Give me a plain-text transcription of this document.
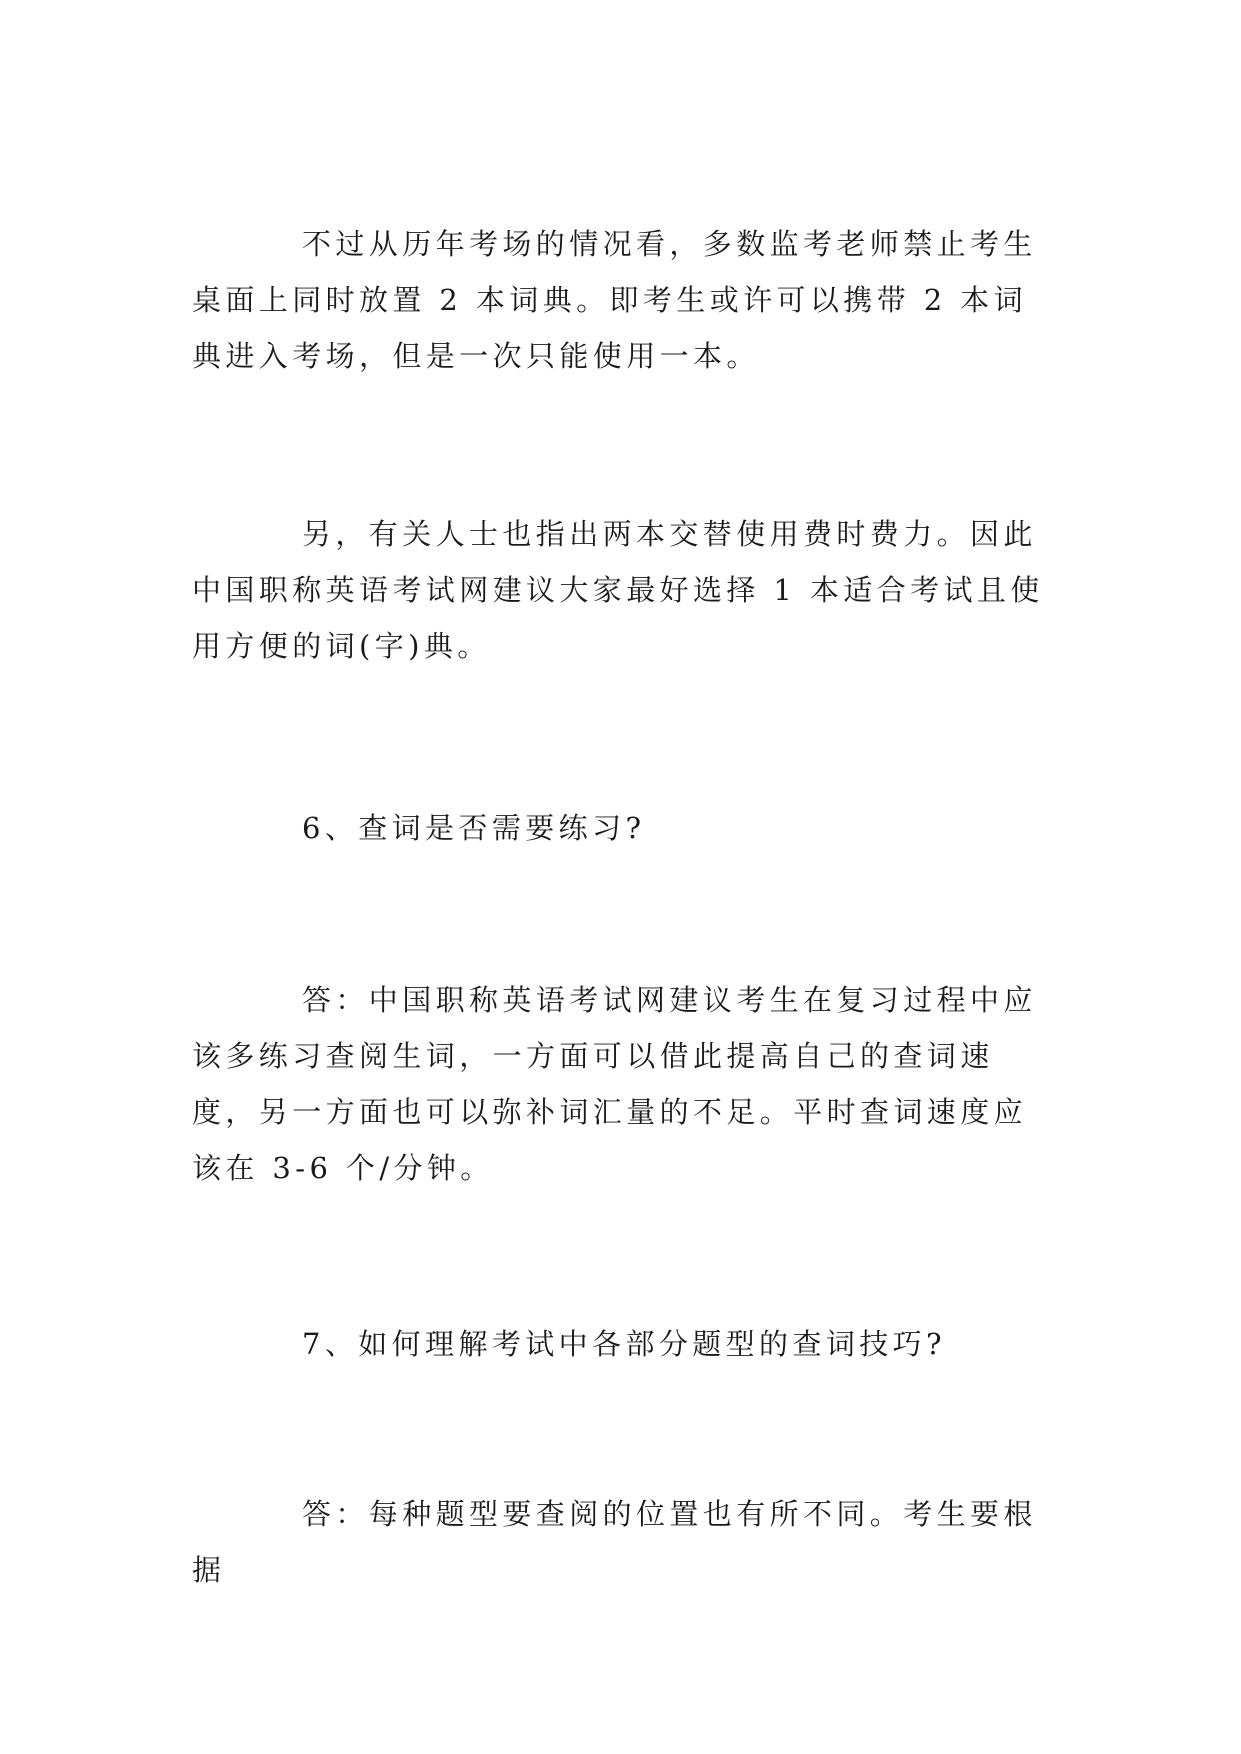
不过从历年考场的情况看，多数监考老师禁止考生桌面上同时放置 2 本词典。即考生或许可以携带 2 本词典进入考场，但是一次只能使用一本。

另，有关人士也指出两本交替使用费时费力。因此中国职称英语考试网建议大家最好选择 1 本适合考试且使用方便的词(字)典。

6、查词是否需要练习?

答：中国职称英语考试网建议考生在复习过程中应该多练习查阅生词，一方面可以借此提高自己的查词速度，另一方面也可以弥补词汇量的不足。平时查词速度应该在 3-6 个/分钟。

7、如何理解考试中各部分题型的查词技巧?

答：每种题型要查阅的位置也有所不同。考生要根据
